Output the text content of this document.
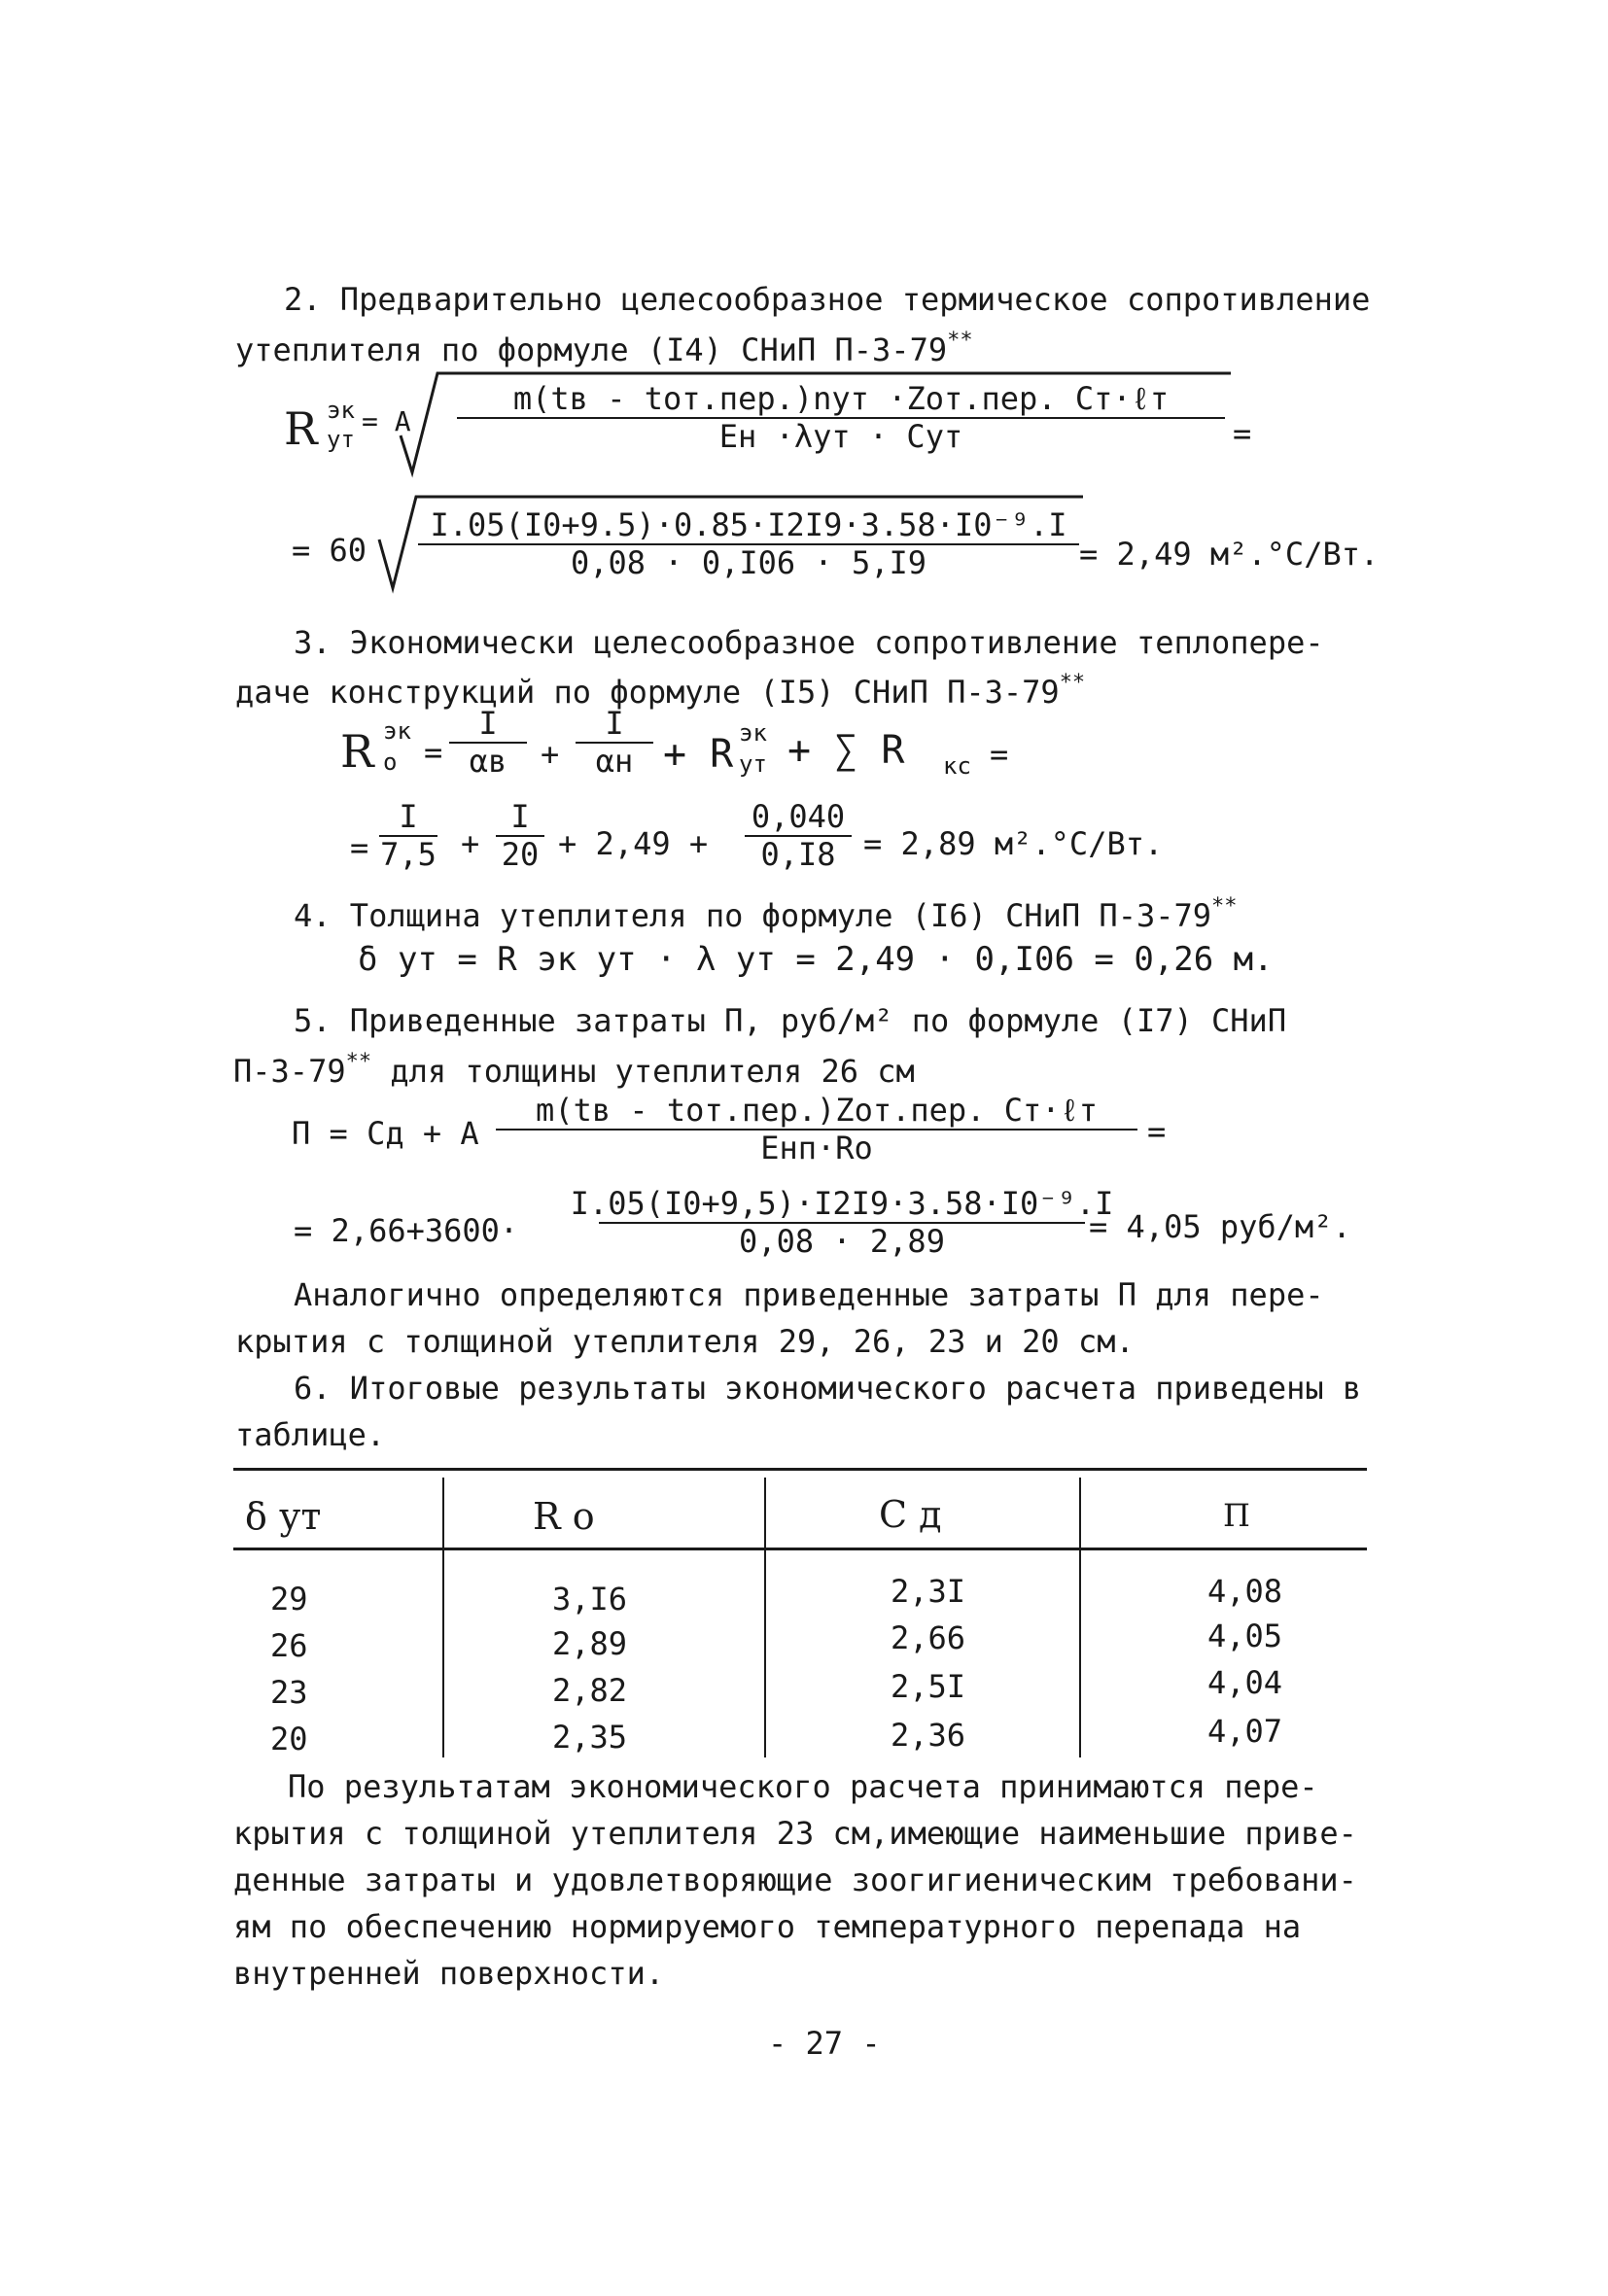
2. Предварительно целесообразное термическое сопротивление
утеплителя по формуле (I4) СНиП П-3-79**
R эк
ут
= A
m(tв - tот.пер.)nут ·Zот.пер. Ст·ℓт
Ен ·λут · Сут	=
= 60
I.05(I0+9.5)·0.85·I2I9·3.58·I0⁻⁹.I
0,08 · 0,I06 · 5,I9	= 2,49 м².°С/Вт.
3. Экономически целесообразное сопротивление теплопере-
даче конструкций по формуле (I5) СНиП П-3-79**
R эк
о =
I
αв +
I
αн + R эк
ут + ∑ R кс =
=
I
7,5 +
I
20 + 2,49 +
0,040
0,I8 = 2,89 м².°С/Вт.
4. Толщина утеплителя по формуле (I6) СНиП П-3-79**
δ ут = R эк ут · λ ут = 2,49 · 0,I06 = 0,26 м.
5. Приведенные затраты П, руб/м² по формуле (I7) СНиП
П-3-79** для толщины утеплителя 26 см
П = Сд + A
m(tв - tот.пер.)Zот.пер. Ст·ℓт
Енп·Rо	=
= 2,66+3600·
I.05(I0+9,5)·I2I9·3.58·I0⁻⁹.I
0,08 · 2,89	= 4,05 руб/м².
Аналогично определяются приведенные затраты П для пере-
крытия с толщиной утеплителя 29, 26, 23 и 20 см.
6. Итоговые результаты экономического расчета приведены в
таблице.
δ ут	R о	С д	П
29	3,I6	2,3I	4,08
26	2,89	2,66	4,05
23	2,82	2,5I	4,04
20	2,35	2,36	4,07
По результатам экономического расчета принимаются пере-
крытия с толщиной утеплителя 23 см,имеющие наименьшие приве-
денные затраты и удовлетворяющие зоогигиеническим требовани-
ям по обеспечению нормируемого температурного перепада на
внутренней поверхности.
- 27 -
